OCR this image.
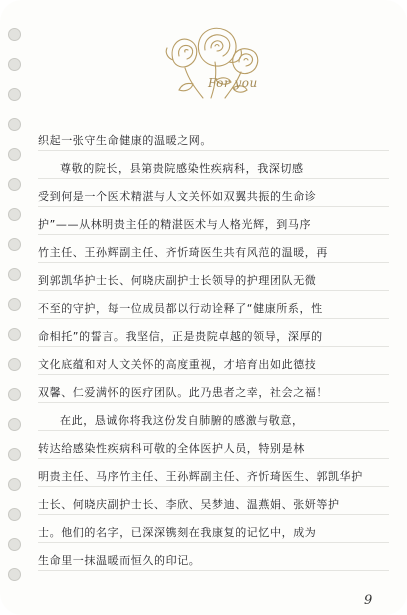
For you
织起一张守生命健康的温暖之网。
尊敬的院长，县第贵院感染性疾病科，我深切感
受到何是一个医术精湛与人文关怀如双翼共振的生命诊
护”——从林明贵主任的精湛医术与人格光辉，到马序
竹主任、王孙辉副主任、齐忻琦医生共有风范的温暖，再
到郭凯华护士长、何晓庆副护士长领导的护理团队无微
不至的守护，每一位成员都以行动诠释了“健康所系，性
命相托”的誓言。我坚信，正是贵院卓越的领导，深厚的
文化底蕴和对人文关怀的高度重视，才培育出如此德技
双馨、仁爱满怀的医疗团队。此乃患者之幸，社会之福！
在此，恳诚你将我这份发自肺腑的感激与敬意，
转达给感染性疾病科可敬的全体医护人员，特别是林
明贵主任、马序竹主任、王孙辉副主任、齐忻琦医生、郭凯华护
士长、何晓庆副护士长、李欣、吴梦迪、温燕娟、张妍等护
士。他们的名字，已深深镌刻在我康复的记忆中，成为
生命里一抹温暖而恒久的印记。
9
